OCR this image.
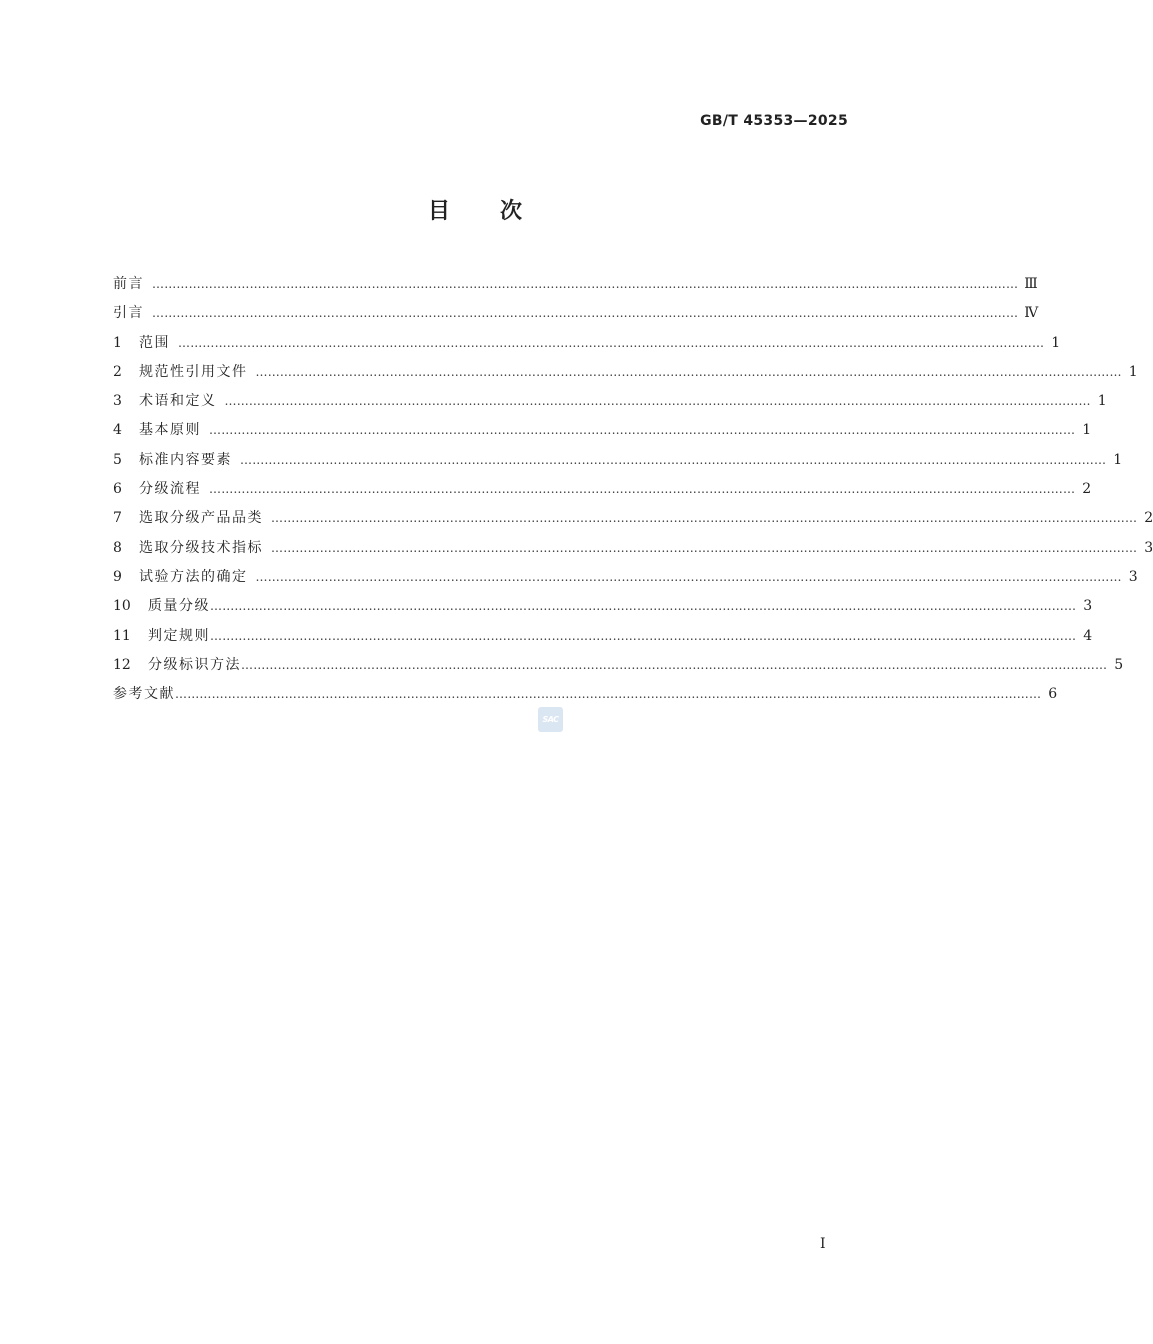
GB/T 45353—2025
目次
前言 …………………………………………………………………………………………………………………………………………………………………………………………… Ⅲ
引言 …………………………………………………………………………………………………………………………………………………………………………………………… Ⅳ
1	范围 …………………………………………………………………………………………………………………………………………………………………………………………… 1
2	规范性引用文件 …………………………………………………………………………………………………………………………………………………………………………………………… 1
3	术语和定义 …………………………………………………………………………………………………………………………………………………………………………………………… 1
4	基本原则 …………………………………………………………………………………………………………………………………………………………………………………………… 1
5	标准内容要素 …………………………………………………………………………………………………………………………………………………………………………………………… 1
6	分级流程 …………………………………………………………………………………………………………………………………………………………………………………………… 2
7	选取分级产品品类 …………………………………………………………………………………………………………………………………………………………………………………………… 2
8	选取分级技术指标 …………………………………………………………………………………………………………………………………………………………………………………………… 3
9	试验方法的确定 …………………………………………………………………………………………………………………………………………………………………………………………… 3
10	质量分级 …………………………………………………………………………………………………………………………………………………………………………………………… 3
11	判定规则 …………………………………………………………………………………………………………………………………………………………………………………………… 4
12	分级标识方法 …………………………………………………………………………………………………………………………………………………………………………………………… 5
参考文献 …………………………………………………………………………………………………………………………………………………………………………………………… 6
SAC
I
